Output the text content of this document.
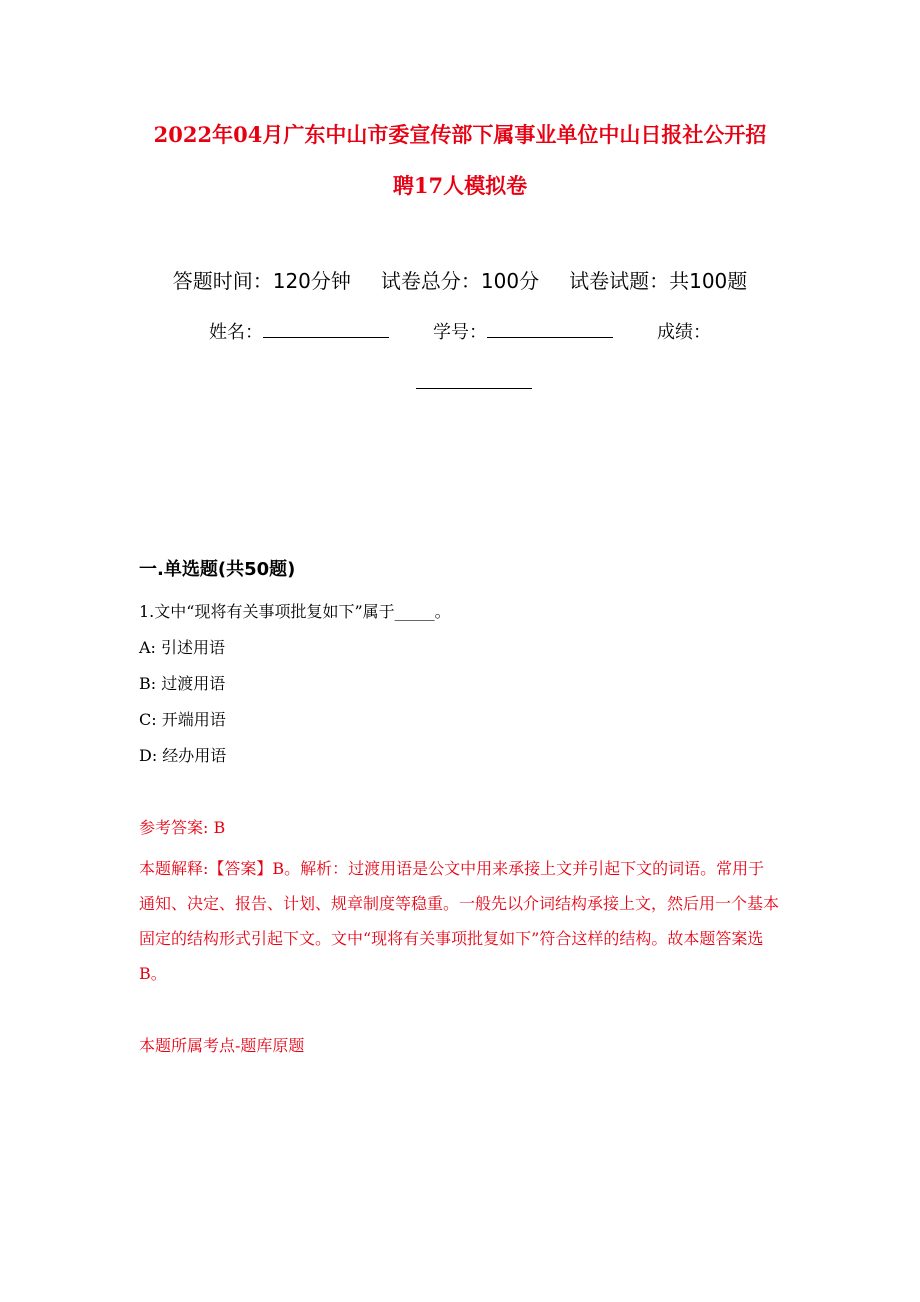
2022年04月广东中山市委宣传部下属事业单位中山日报社公开招
聘17人模拟卷
答题时间：120分钟 试卷总分：100分 试卷试题：共100题
姓名：	学号：	成绩：
一.单选题(共50题)

1.文中“现将有关事项批复如下”属于_____。

A: 引述用语

B: 过渡用语

C: 开端用语

D: 经办用语

参考答案: B

本题解释:【答案】B。解析：过渡用语是公文中用来承接上文并引起下文的词语。常用于通知、决定、报告、计划、规章制度等稳重。一般先以介词结构承接上文，然后用一个基本固定的结构形式引起下文。文中“现将有关事项批复如下”符合这样的结构。故本题答案选B。

本题所属考点-题库原题
